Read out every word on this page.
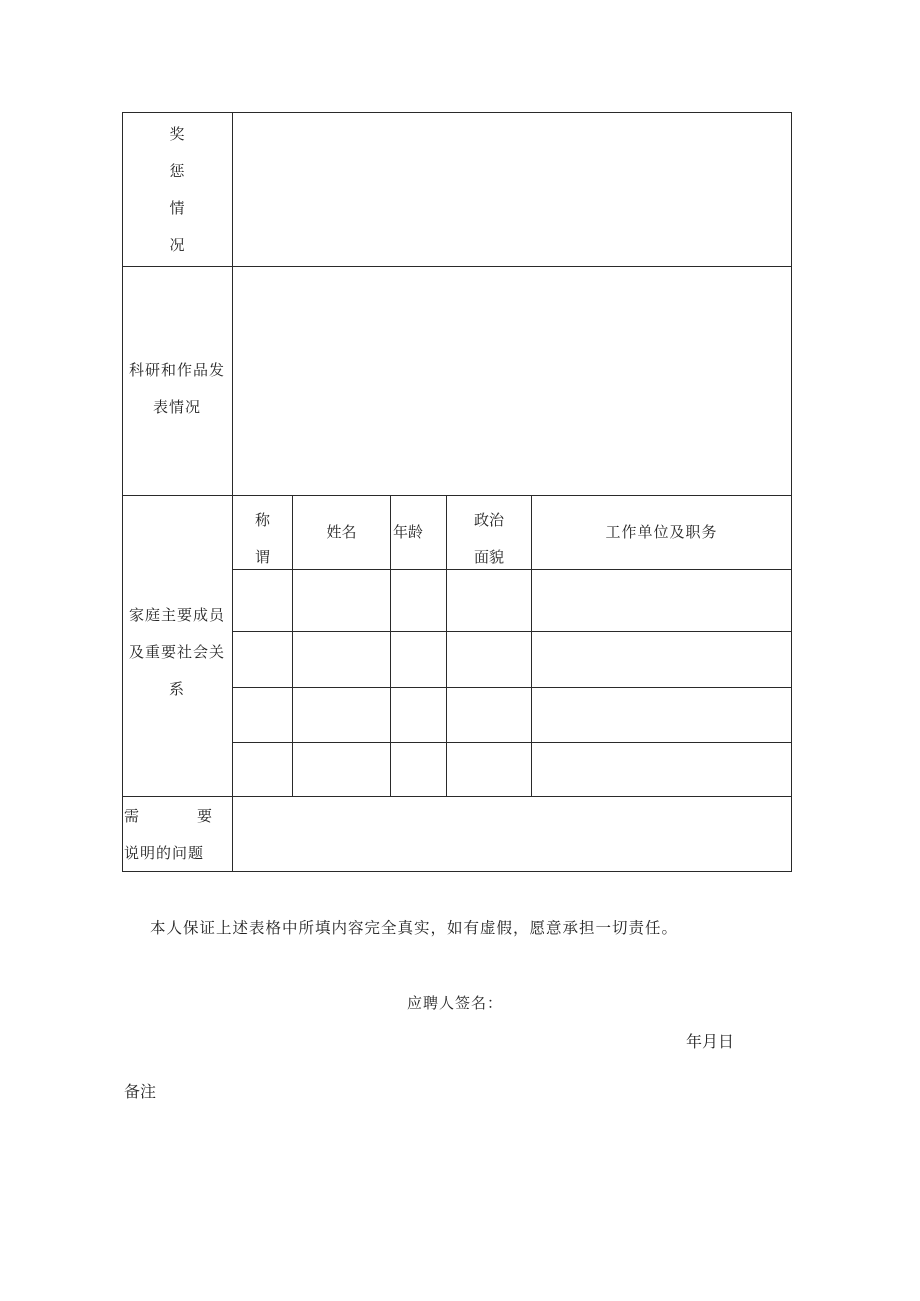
奖
惩
情
况
科研和作品发
表情况
家庭主要成员
及重要社会关
系
称
谓
姓名	年龄
政治
面貌
工作单位及职务
需	要
说明的问题
本人保证上述表格中所填内容完全真实，如有虚假，愿意承担一切责任。
应聘人签名：
年月日
备注
